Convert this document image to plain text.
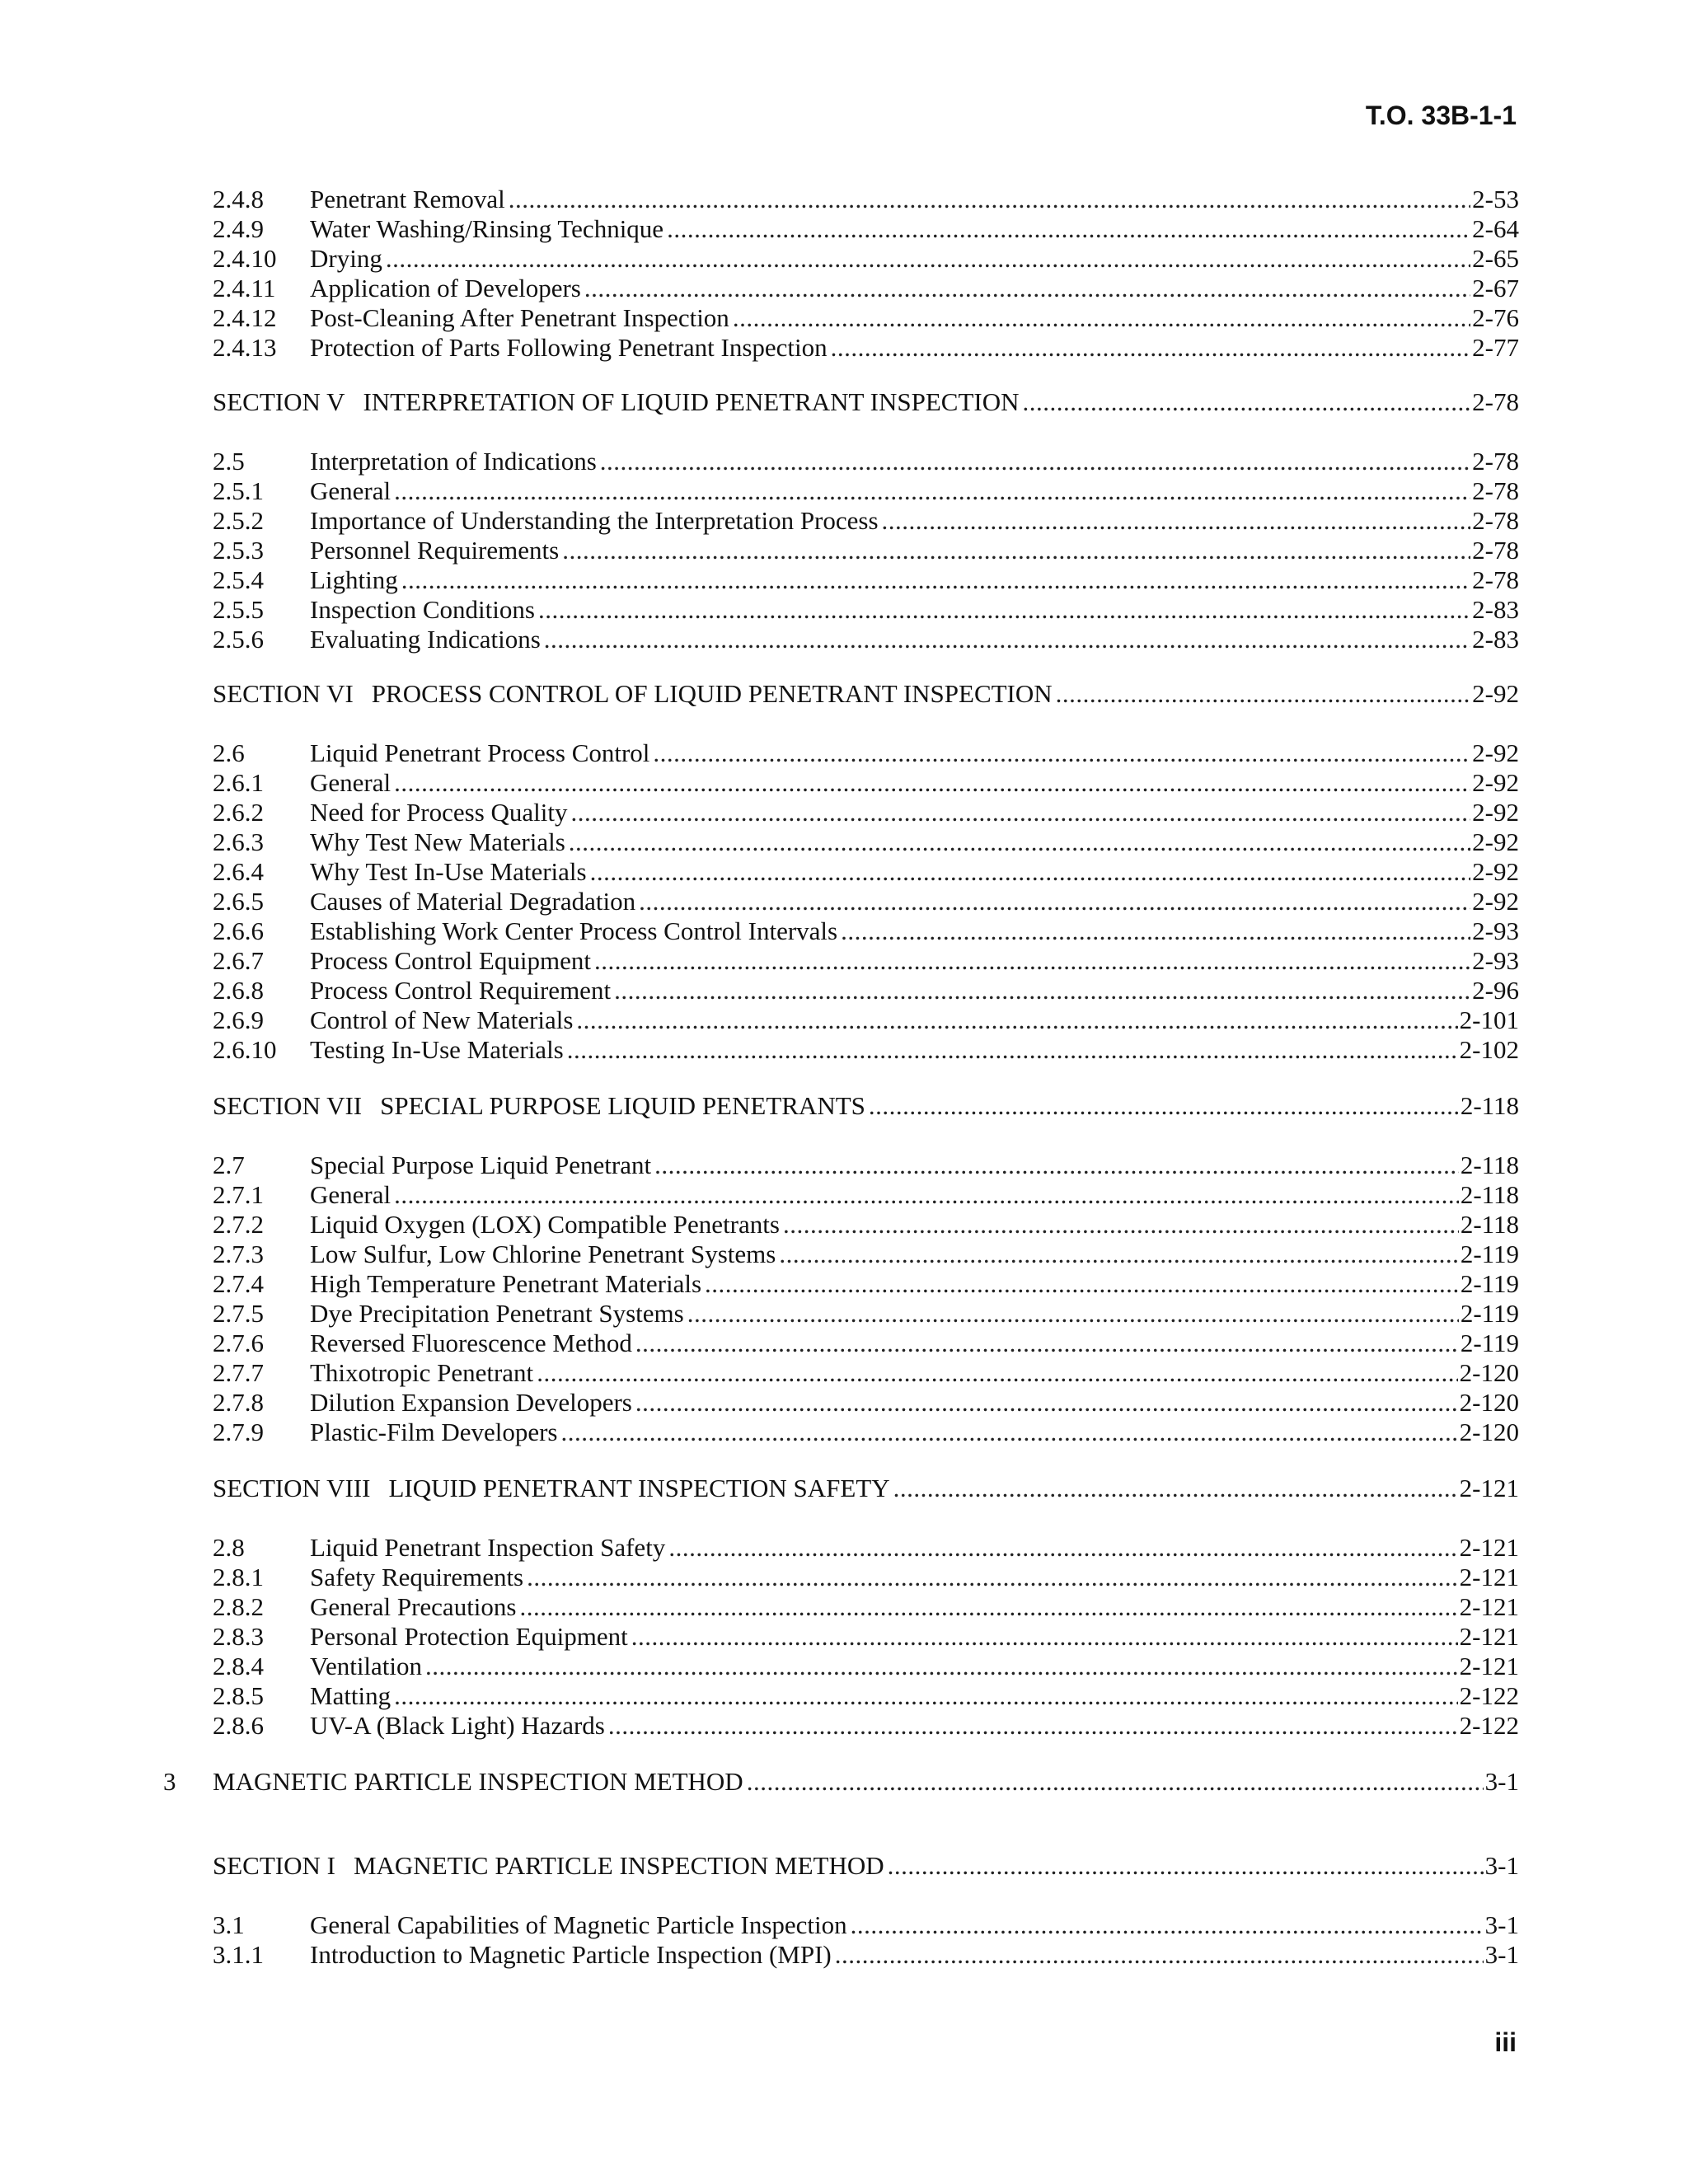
T.O. 33B-1-1
2.4.8 Penetrant Removal .....	2-53
2.4.9 Water Washing/Rinsing Technique .....	2-64
2.4.10 Drying .....	2-65
2.4.11 Application of Developers .....	2-67
2.4.12 Post-Cleaning After Penetrant Inspection .....	2-76
2.4.13 Protection of Parts Following Penetrant Inspection .....	2-77
SECTION V INTERPRETATION OF LIQUID PENETRANT INSPECTION .....	2-78
2.5	Interpretation of Indications .....	2-78
2.5.1 General .....	2-78
2.5.2 Importance of Understanding the Interpretation Process .....	2-78
2.5.3 Personnel Requirements .....	2-78
2.5.4 Lighting .....	2-78
2.5.5 Inspection Conditions .....	2-83
2.5.6 Evaluating Indications .....	2-83
SECTION VI PROCESS CONTROL OF LIQUID PENETRANT INSPECTION .....	2-92
2.6	Liquid Penetrant Process Control .....	2-92
2.6.1 General .....	2-92
2.6.2 Need for Process Quality .....	2-92
2.6.3 Why Test New Materials .....	2-92
2.6.4 Why Test In-Use Materials .....	2-92
2.6.5 Causes of Material Degradation .....	2-92
2.6.6 Establishing Work Center Process Control Intervals .....	2-93
2.6.7 Process Control Equipment .....	2-93
2.6.8 Process Control Requirement .....	2-96
2.6.9 Control of New Materials .....	2-101
2.6.10 Testing In-Use Materials .....	2-102
SECTION VII SPECIAL PURPOSE LIQUID PENETRANTS .....	2-118
2.7	Special Purpose Liquid Penetrant .....	2-118
2.7.1 General .....	2-118
2.7.2 Liquid Oxygen (LOX) Compatible Penetrants .....	2-118
2.7.3 Low Sulfur, Low Chlorine Penetrant Systems .....	2-119
2.7.4 High Temperature Penetrant Materials .....	2-119
2.7.5 Dye Precipitation Penetrant Systems .....	2-119
2.7.6 Reversed Fluorescence Method .....	2-119
2.7.7 Thixotropic Penetrant .....	2-120
2.7.8 Dilution Expansion Developers .....	2-120
2.7.9 Plastic-Film Developers .....	2-120
SECTION VIII LIQUID PENETRANT INSPECTION SAFETY .....	2-121
2.8	Liquid Penetrant Inspection Safety .....	2-121
2.8.1 Safety Requirements .....	2-121
2.8.2 General Precautions .....	2-121
2.8.3 Personal Protection Equipment .....	2-121
2.8.4 Ventilation .....	2-121
2.8.5 Matting .....	2-122
2.8.6 UV-A (Black Light) Hazards .....	2-122
3 MAGNETIC PARTICLE INSPECTION METHOD .....	3-1
SECTION I MAGNETIC PARTICLE INSPECTION METHOD .....	3-1
3.1	General Capabilities of Magnetic Particle Inspection .....	3-1
3.1.1 Introduction to Magnetic Particle Inspection (MPI) .....	3-1
iii
